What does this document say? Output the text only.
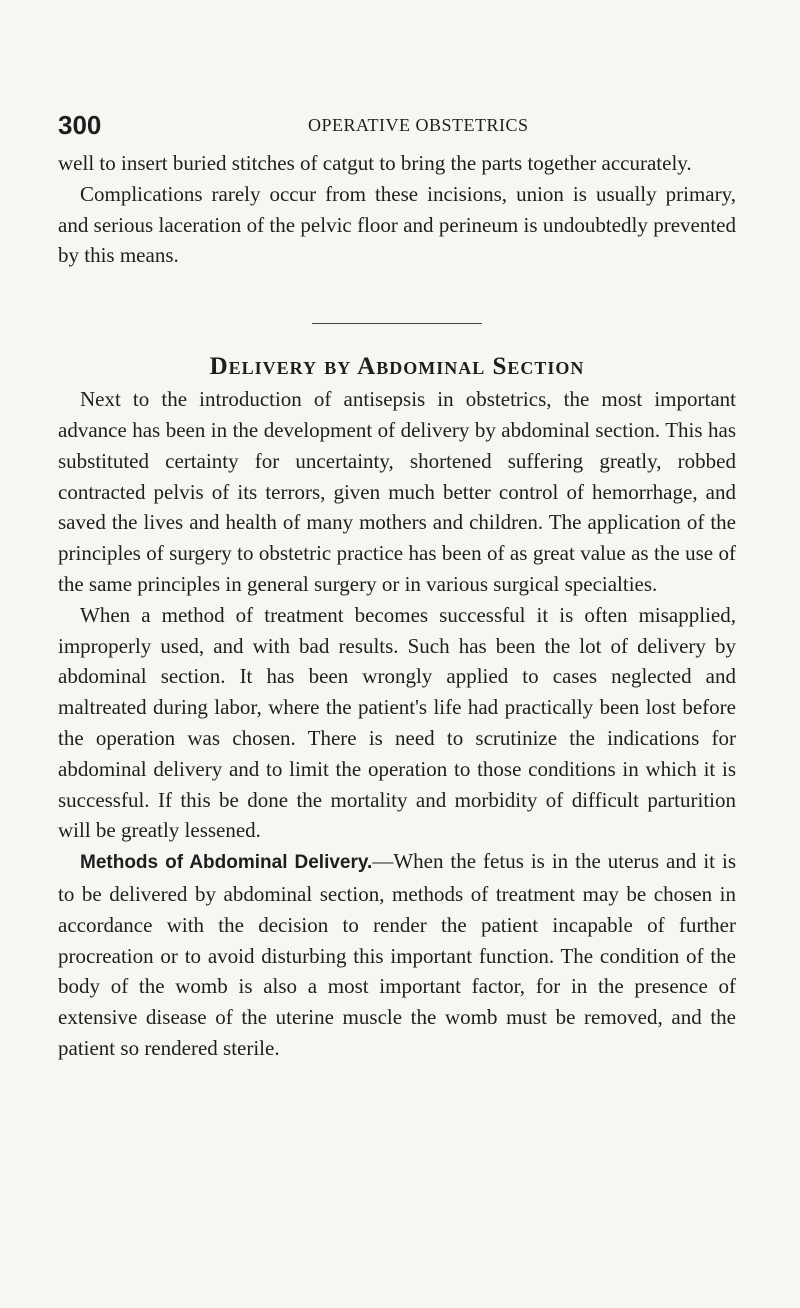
300	OPERATIVE OBSTETRICS

well to insert buried stitches of catgut to bring the parts together accurately.

Complications rarely occur from these incisions, union is usually primary, and serious laceration of the pelvic floor and perineum is undoubtedly prevented by this means.

Delivery by Abdominal Section

Next to the introduction of antisepsis in obstetrics, the most important advance has been in the development of delivery by abdominal section. This has substituted certainty for uncertainty, shortened suffering greatly, robbed contracted pelvis of its terrors, given much better control of hemorrhage, and saved the lives and health of many mothers and children. The application of the principles of surgery to obstetric practice has been of as great value as the use of the same principles in general surgery or in various surgical specialties.

When a method of treatment becomes successful it is often misapplied, improperly used, and with bad results. Such has been the lot of delivery by abdominal section. It has been wrongly applied to cases neglected and maltreated during labor, where the patient's life had practically been lost before the operation was chosen. There is need to scrutinize the indications for abdominal delivery and to limit the operation to those conditions in which it is successful. If this be done the mortality and morbidity of difficult parturition will be greatly lessened.

Methods of Abdominal Delivery.—When the fetus is in the uterus and it is to be delivered by abdominal section, methods of treatment may be chosen in accordance with the decision to render the patient incapable of further procreation or to avoid disturbing this important function. The condition of the body of the womb is also a most important factor, for in the presence of extensive disease of the uterine muscle the womb must be removed, and the patient so rendered sterile.
